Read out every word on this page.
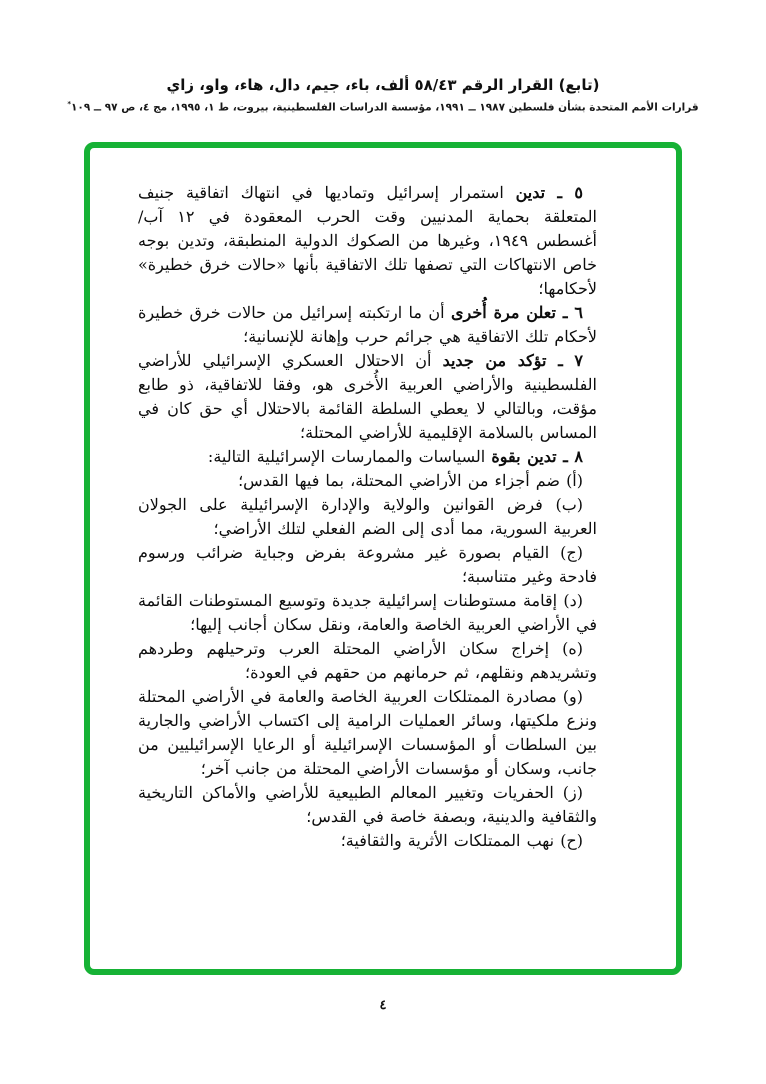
(تابع) القرار الرقم ٥٨/٤٣ ألف، باء، جيم، دال، هاء، واو، زاي
قرارات الأمم المتحدة بشأن فلسطين ١٩٨٧ ــ ١٩٩١، مؤسسة الدراسات الفلسطينية، بيروت، ط ١، ١٩٩٥، مج ٤، ص ٩٧ ــ ١٠٩*

٥ ـ تدين استمرار إسرائيل وتماديها في انتهاك اتفاقية جنيف المتعلقة بحماية المدنيين وقت الحرب المعقودة في ١٢ آب/ أغسطس ١٩٤٩، وغيرها من الصكوك الدولية المنطبقة، وتدين بوجه خاص الانتهاكات التي تصفها تلك الاتفاقية بأنها «حالات خرق خطيرة» لأحكامها؛

٦ ـ تعلن مرة أُخرى أن ما ارتكبته إسرائيل من حالات خرق خطيرة لأحكام تلك الاتفاقية هي جرائم حرب وإهانة للإنسانية؛

٧ ـ تؤكد من جديد أن الاحتلال العسكري الإسرائيلي للأراضي الفلسطينية والأراضي العربية الأُخرى هو، وفقا للاتفاقية، ذو طابع مؤقت، وبالتالي لا يعطي السلطة القائمة بالاحتلال أي حق كان في المساس بالسلامة الإقليمية للأراضي المحتلة؛

٨ ـ تدين بقوة السياسات والممارسات الإسرائيلية التالية:

(أ) ضم أجزاء من الأراضي المحتلة، بما فيها القدس؛

(ب) فرض القوانين والولاية والإدارة الإسرائيلية على الجولان العربية السورية، مما أدى إلى الضم الفعلي لتلك الأراضي؛

(ج) القيام بصورة غير مشروعة بفرض وجباية ضرائب ورسوم فادحة وغير متناسبة؛

(د) إقامة مستوطنات إسرائيلية جديدة وتوسيع المستوطنات القائمة في الأراضي العربية الخاصة والعامة، ونقل سكان أجانب إليها؛

(ه) إخراج سكان الأراضي المحتلة العرب وترحيلهم وطردهم وتشريدهم ونقلهم، ثم حرمانهم من حقهم في العودة؛

(و) مصادرة الممتلكات العربية الخاصة والعامة في الأراضي المحتلة ونزع ملكيتها، وسائر العمليات الرامية إلى اكتساب الأراضي والجارية بين السلطات أو المؤسسات الإسرائيلية أو الرعايا الإسرائيليين من جانب، وسكان أو مؤسسات الأراضي المحتلة من جانب آخر؛

(ز) الحفريات وتغيير المعالم الطبيعية للأراضي والأماكن التاريخية والثقافية والدينية، وبصفة خاصة في القدس؛

(ح) نهب الممتلكات الأثرية والثقافية؛

٤
